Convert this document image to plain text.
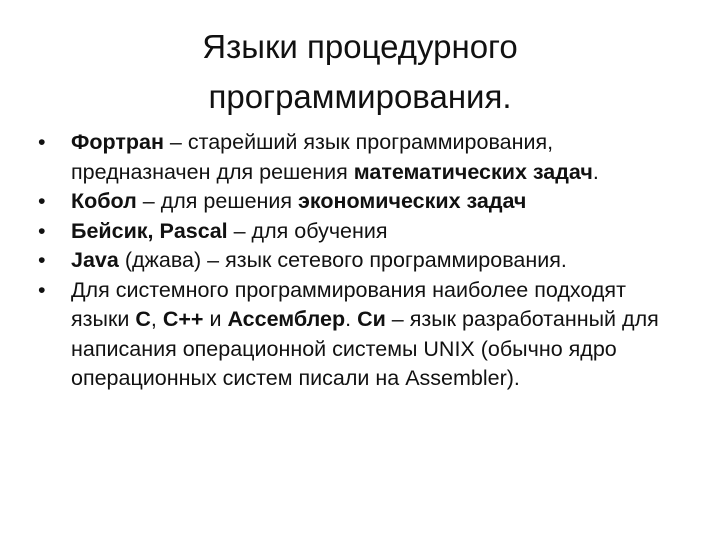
Языки процедурного
программирования.
• Фортран – старейший язык программирования, предназначен для решения математических задач.
• Кобол – для решения экономических задач
• Бейсик, Pascal – для обучения
• Java (джава) – язык сетевого программирования.
• Для системного программирования наиболее подходят языки С, С++ и Ассемблер. Си – язык разработанный для написания операционной системы UNIX (обычно ядро операционных систем писали на Assembler).
